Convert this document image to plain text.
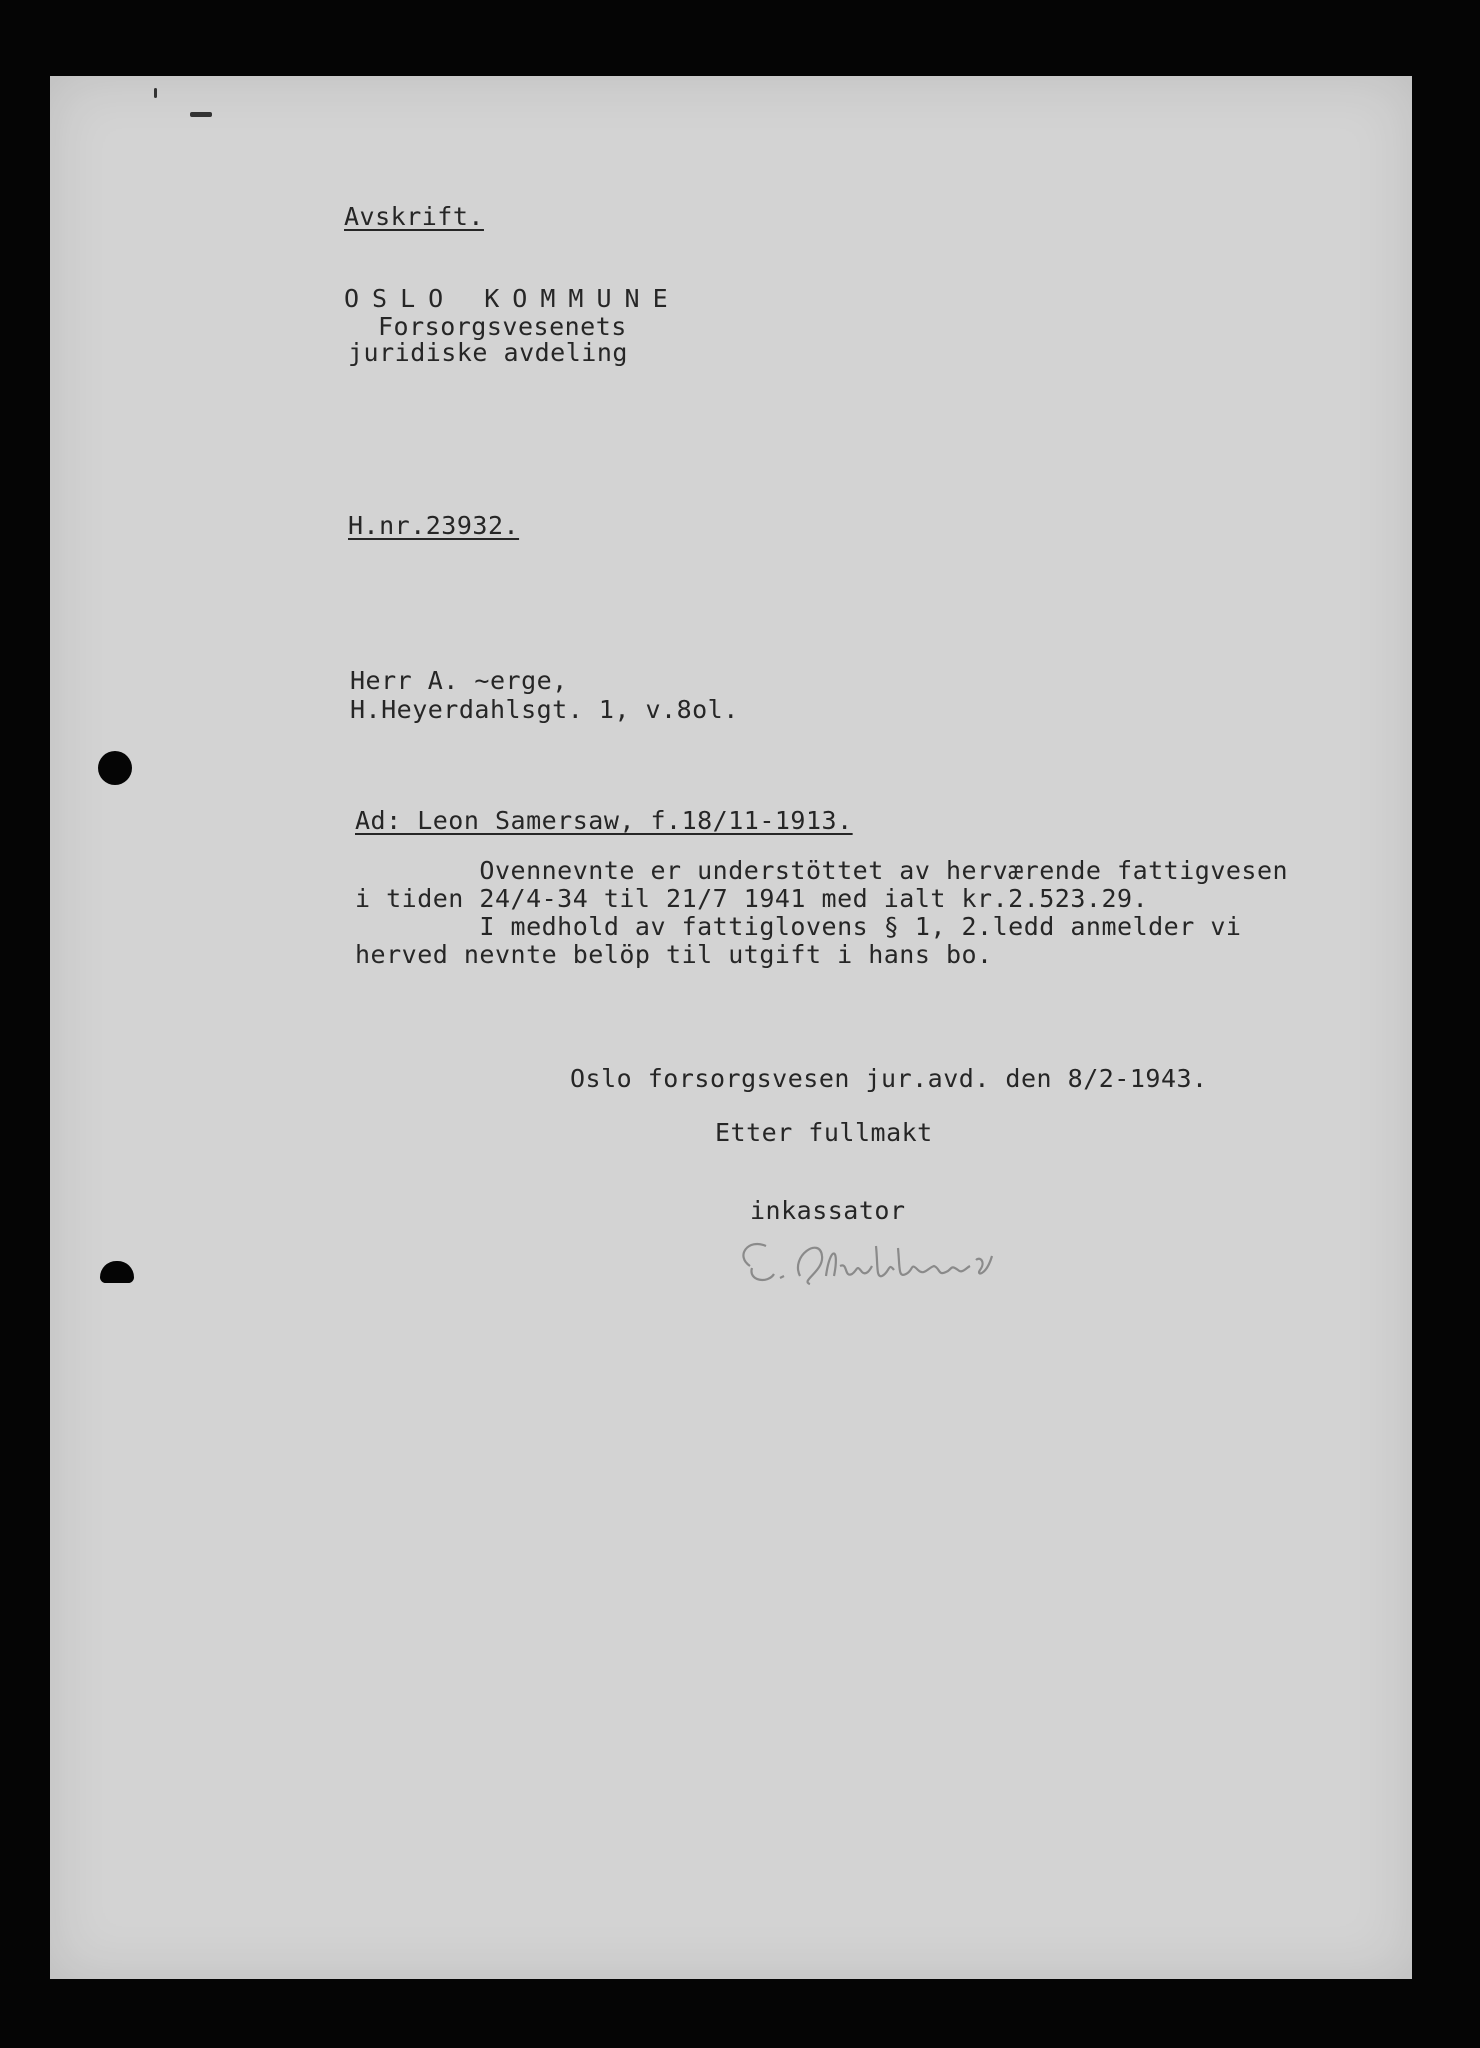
Avskrift.
OSLO KOMMUNE
Forsorgsvesenets
juridiske avdeling
H.nr.23932.
Herr A. ~erge,
H.Heyerdahlsgt. 1, v.8ol.
Ad: Leon Samersaw, f.18/11-1913.
Ovennevnte er understöttet av herværende fattigvesen
i tiden 24/4-34 til 21/7 1941 med ialt kr.2.523.29.
I medhold av fattiglovens § 1, 2.ledd anmelder vi
herved nevnte belöp til utgift i hans bo.
Oslo forsorgsvesen jur.avd. den 8/2-1943.
Etter fullmakt
inkassator
